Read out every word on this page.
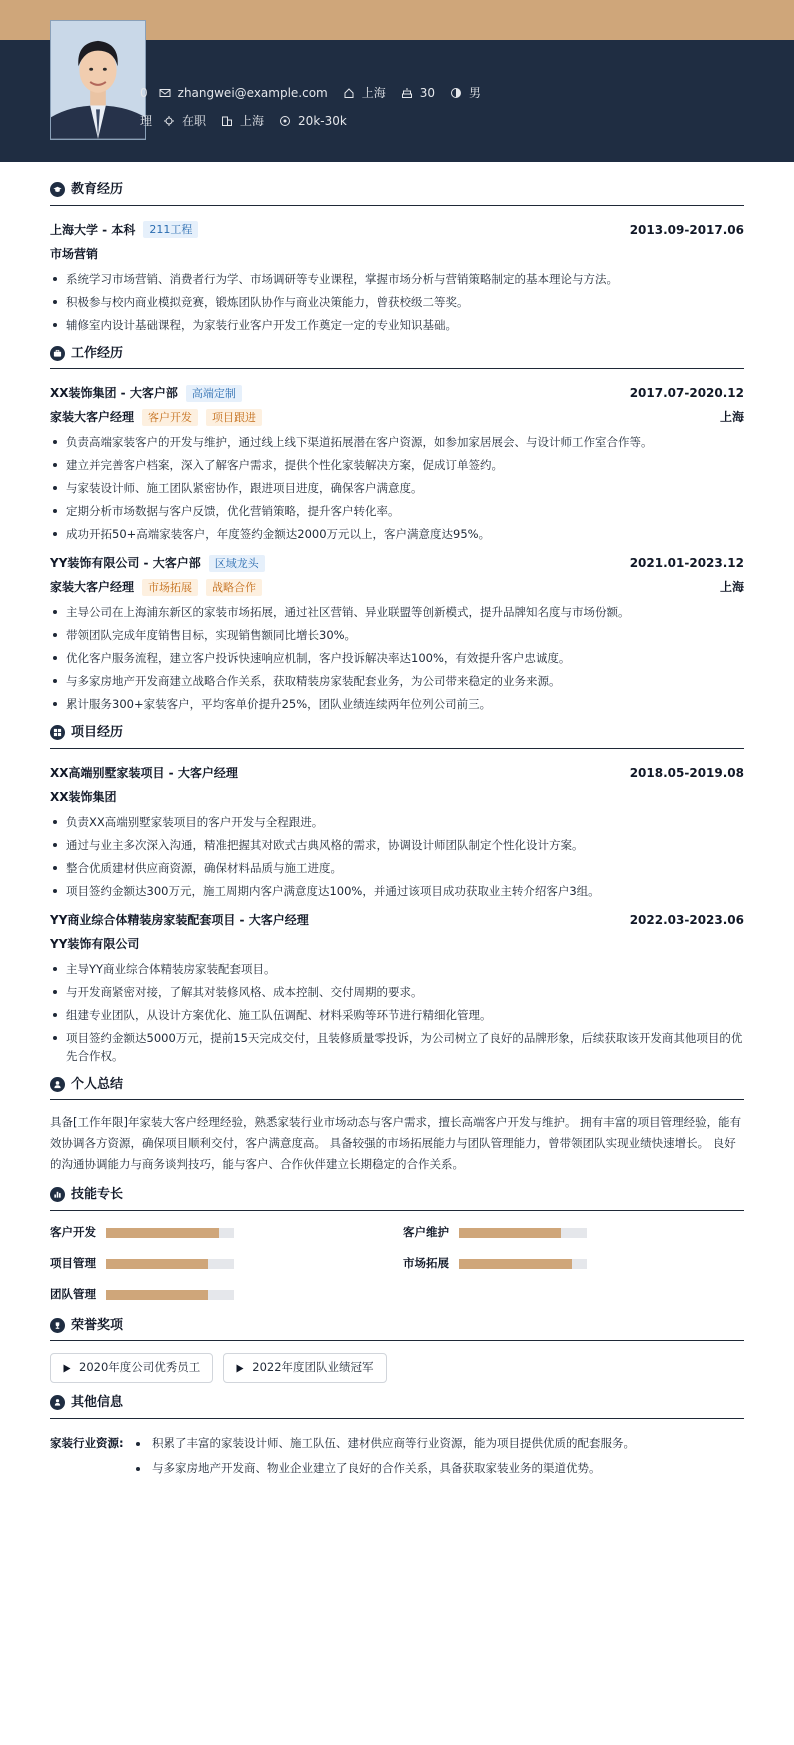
0	zhangwei@example.com	上海	30	男
理	在职	上海	20k-30k
教育经历
上海大学 - 本科	211工程	2013.09-2017.06
市场营销
系统学习市场营销、消费者行为学、市场调研等专业课程，掌握市场分析与营销策略制定的基本理论与方法。
积极参与校内商业模拟竞赛，锻炼团队协作与商业决策能力，曾获校级二等奖。
辅修室内设计基础课程，为家装行业客户开发工作奠定一定的专业知识基础。
工作经历
XX装饰集团 - 大客户部	高端定制	2017.07-2020.12
家装大客户经理	客户开发	项目跟进	上海
负责高端家装客户的开发与维护，通过线上线下渠道拓展潜在客户资源，如参加家居展会、与设计师工作室合作等。
建立并完善客户档案，深入了解客户需求，提供个性化家装解决方案，促成订单签约。
与家装设计师、施工团队紧密协作，跟进项目进度，确保客户满意度。
定期分析市场数据与客户反馈，优化营销策略，提升客户转化率。
成功开拓50+高端家装客户，年度签约金额达2000万元以上，客户满意度达95%。
YY装饰有限公司 - 大客户部	区域龙头	2021.01-2023.12
家装大客户经理	市场拓展	战略合作	上海
主导公司在上海浦东新区的家装市场拓展，通过社区营销、异业联盟等创新模式，提升品牌知名度与市场份额。
带领团队完成年度销售目标，实现销售额同比增长30%。
优化客户服务流程，建立客户投诉快速响应机制，客户投诉解决率达100%，有效提升客户忠诚度。
与多家房地产开发商建立战略合作关系，获取精装房家装配套业务，为公司带来稳定的业务来源。
累计服务300+家装客户，平均客单价提升25%，团队业绩连续两年位列公司前三。
项目经历
XX高端别墅家装项目 - 大客户经理	2018.05-2019.08
XX装饰集团
负责XX高端别墅家装项目的客户开发与全程跟进。
通过与业主多次深入沟通，精准把握其对欧式古典风格的需求，协调设计师团队制定个性化设计方案。
整合优质建材供应商资源，确保材料品质与施工进度。
项目签约金额达300万元，施工周期内客户满意度达100%，并通过该项目成功获取业主转介绍客户3组。
YY商业综合体精装房家装配套项目 - 大客户经理	2022.03-2023.06
YY装饰有限公司
主导YY商业综合体精装房家装配套项目。
与开发商紧密对接，了解其对装修风格、成本控制、交付周期的要求。
组建专业团队，从设计方案优化、施工队伍调配、材料采购等环节进行精细化管理。
项目签约金额达5000万元，提前15天完成交付，且装修质量零投诉，为公司树立了良好的品牌形象，后续获取该开发商其他项目的优先合作权。
个人总结

具备[工作年限]年家装大客户经理经验，熟悉家装行业市场动态与客户需求，擅长高端客户开发与维护。 拥有丰富的项目管理经验，能有效协调各方资源，确保项目顺利交付，客户满意度高。 具备较强的市场拓展能力与团队管理能力，曾带领团队实现业绩快速增长。 良好的沟通协调能力与商务谈判技巧，能与客户、合作伙伴建立长期稳定的合作关系。

技能专长
客户开发	客户维护
项目管理	市场拓展
团队管理
荣誉奖项
2020年度公司优秀员工	2022年度团队业绩冠军
其他信息
家装行业资源:	积累了丰富的家装设计师、施工队伍、建材供应商等行业资源，能为项目提供优质的配套服务。
与多家房地产开发商、物业企业建立了良好的合作关系，具备获取家装业务的渠道优势。
